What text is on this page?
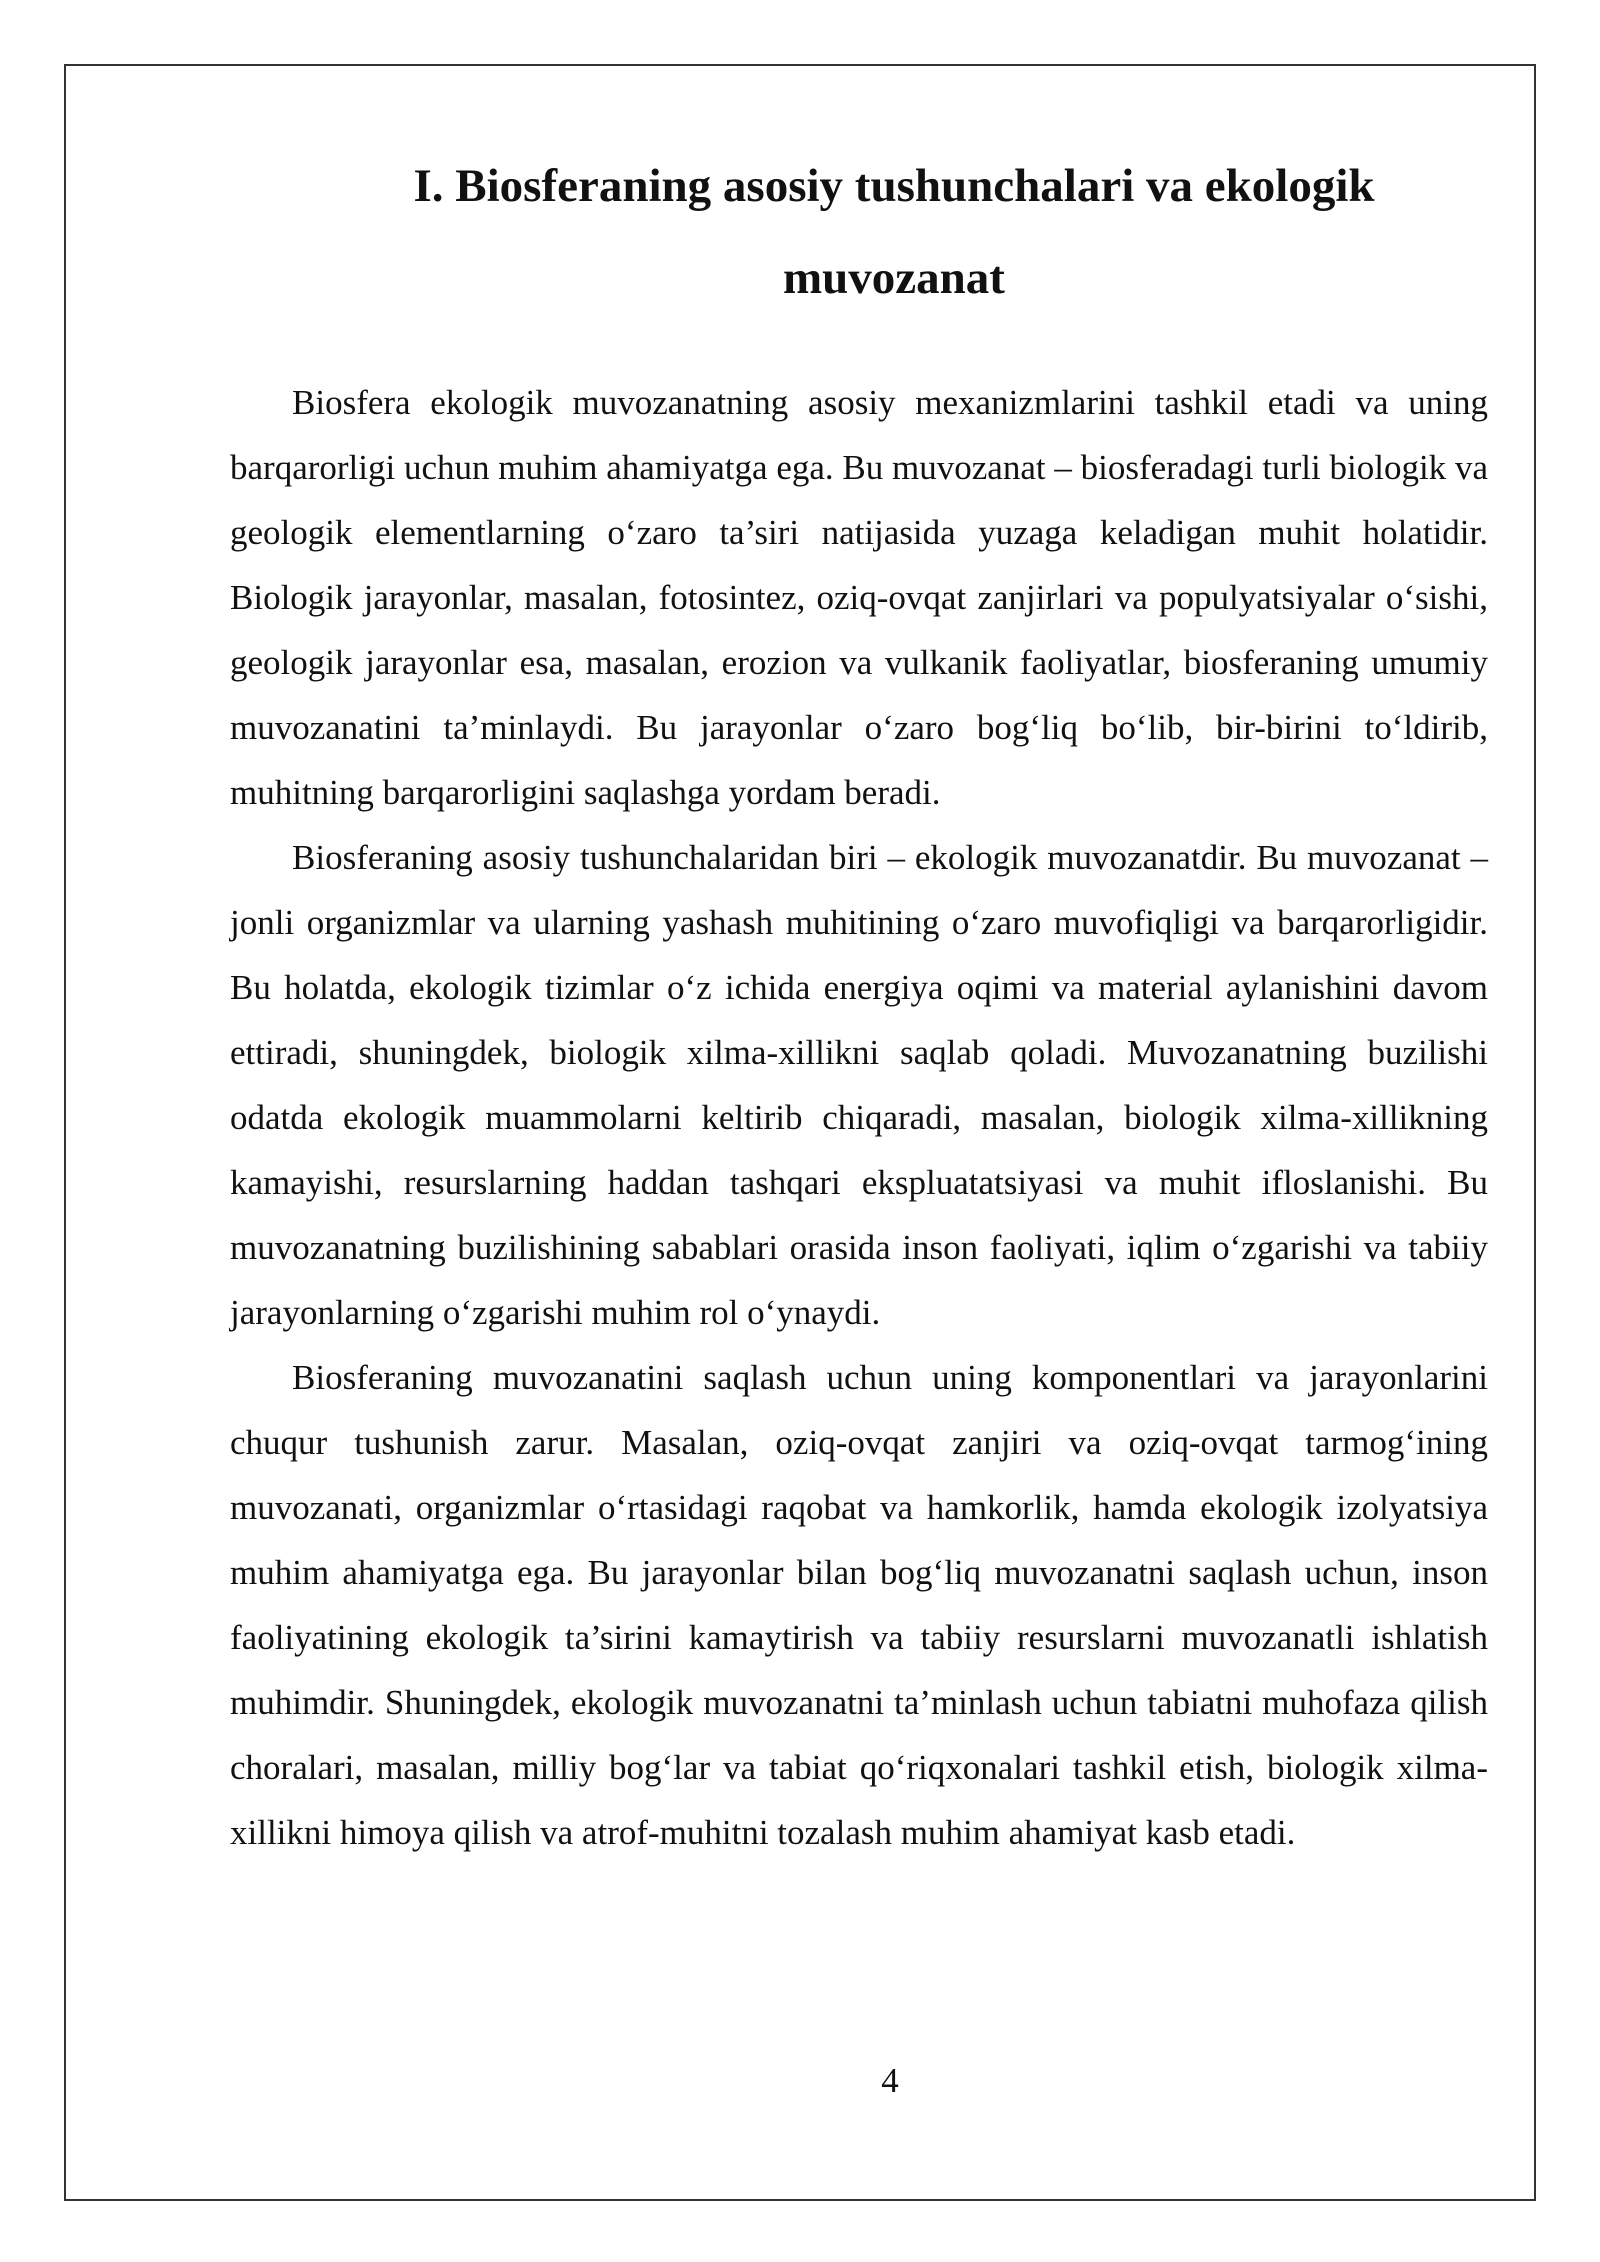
I. Biosferaning asosiy tushunchalari va ekologik muvozanat

Biosfera ekologik muvozanatning asosiy mexanizmlarini tashkil etadi va uning barqarorligi uchun muhim ahamiyatga ega. Bu muvozanat – biosferadagi turli biologik va geologik elementlarning o‘zaro ta’siri natijasida yuzaga keladigan muhit holatidir. Biologik jarayonlar, masalan, fotosintez, oziq-ovqat zanjirlari va populyatsiyalar o‘sishi, geologik jarayonlar esa, masalan, erozion va vulkanik faoliyatlar, biosferaning umumiy muvozanatini ta’minlaydi. Bu jarayonlar o‘zaro bog‘liq bo‘lib, bir-birini to‘ldirib, muhitning barqarorligini saqlashga yordam beradi.

Biosferaning asosiy tushunchalaridan biri – ekologik muvozanatdir. Bu muvozanat – jonli organizmlar va ularning yashash muhitining o‘zaro muvofiqligi va barqarorligidir. Bu holatda, ekologik tizimlar o‘z ichida energiya oqimi va material aylanishini davom ettiradi, shuningdek, biologik xilma-xillikni saqlab qoladi. Muvozanatning buzilishi odatda ekologik muammolarni keltirib chiqaradi, masalan, biologik xilma-xillikning kamayishi, resurslarning haddan tashqari ekspluatatsiyasi va muhit ifloslanishi. Bu muvozanatning buzilishining sabablari orasida inson faoliyati, iqlim o‘zgarishi va tabiiy jarayonlarning o‘zgarishi muhim rol o‘ynaydi.

Biosferaning muvozanatini saqlash uchun uning komponentlari va jarayonlarini chuqur tushunish zarur. Masalan, oziq-ovqat zanjiri va oziq-ovqat tarmog‘ining muvozanati, organizmlar o‘rtasidagi raqobat va hamkorlik, hamda ekologik izolyatsiya muhim ahamiyatga ega. Bu jarayonlar bilan bog‘liq muvozanatni saqlash uchun, inson faoliyatining ekologik ta’sirini kamaytirish va tabiiy resurslarni muvozanatli ishlatish muhimdir. Shuningdek, ekologik muvozanatni ta’minlash uchun tabiatni muhofaza qilish choralari, masalan, milliy bog‘lar va tabiat qo‘riqxonalari tashkil etish, biologik xilma-xillikni himoya qilish va atrof-muhitni tozalash muhim ahamiyat kasb etadi.

4
